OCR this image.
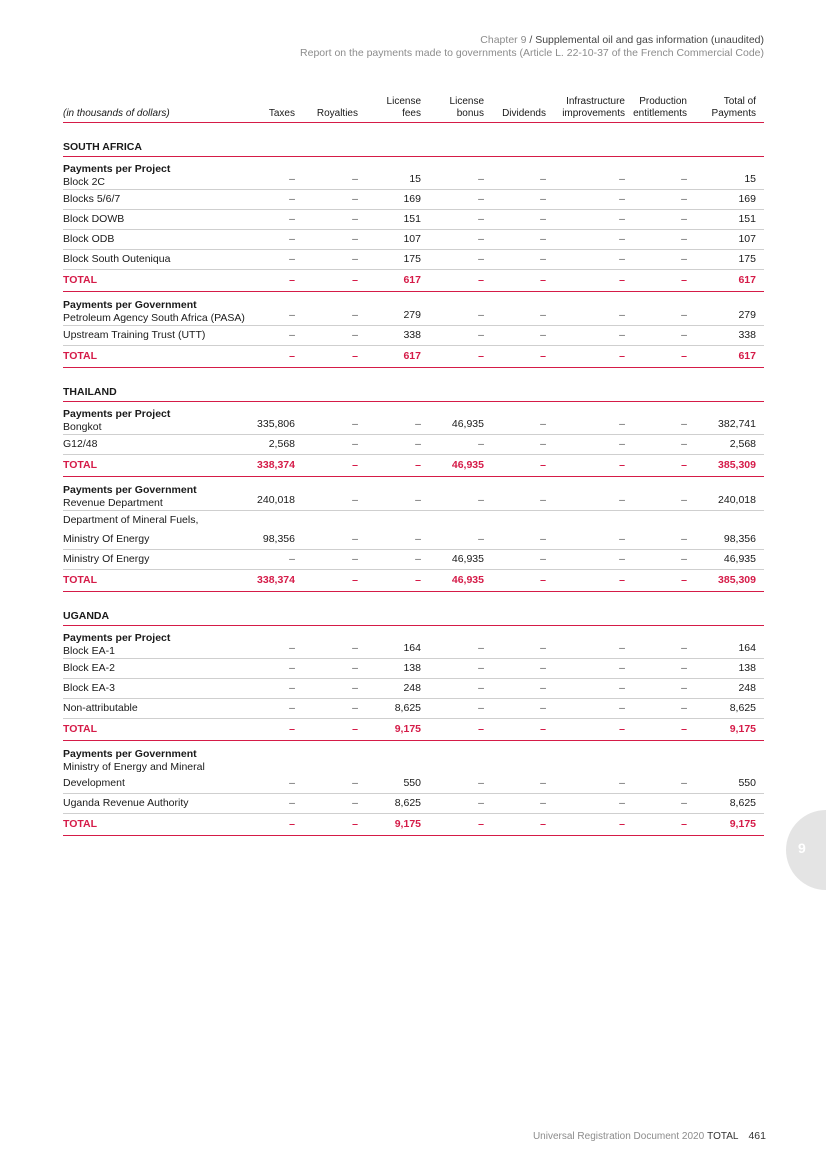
Chapter 9 / Supplemental oil and gas information (unaudited)
Report on the payments made to governments (Article L. 22-10-37 of the French Commercial Code)
(in thousands of dollars)	Taxes	Royalties	License fees	License bonus	Dividends	Infrastructure improvements	Production entitlements	Total of Payments

SOUTH AFRICA								

Payments per Project
Block 2C	–	–	15	–	–	–	–	15
Blocks 5/6/7	–	–	169	–	–	–	–	169
Block DOWB	–	–	151	–	–	–	–	151
Block ODB	–	–	107	–	–	–	–	107
Block South Outeniqua	–	–	175	–	–	–	–	175
TOTAL	–	–	617	–	–	–	–	617

Payments per Government
Petroleum Agency South Africa (PASA)	–	–	279	–	–	–	–	279
Upstream Training Trust (UTT)	–	–	338	–	–	–	–	338
TOTAL	–	–	617	–	–	–	–	617

THAILAND								

Payments per Project
Bongkot	335,806	–	–	46,935	–	–	–	382,741
G12/48	2,568	–	–	–	–	–	–	2,568
TOTAL	338,374	–	–	46,935	–	–	–	385,309

Payments per Government
Revenue Department	240,018	–	–	–	–	–	–	240,018
Department of Mineral Fuels,								
Ministry Of Energy	98,356	–	–	–	–	–	–	98,356
Ministry Of Energy	–	–	–	46,935	–	–	–	46,935
TOTAL	338,374	–	–	46,935	–	–	–	385,309

UGANDA								

Payments per Project
Block EA-1	–	–	164	–	–	–	–	164
Block EA-2	–	–	138	–	–	–	–	138
Block EA-3	–	–	248	–	–	–	–	248
Non-attributable	–	–	8,625	–	–	–	–	8,625
TOTAL	–	–	9,175	–	–	–	–	9,175

Payments per Government
Ministry of Energy and Mineral								
Development	–	–	550	–	–	–	–	550
Uganda Revenue Authority	–	–	8,625	–	–	–	–	8,625
TOTAL	–	–	9,175	–	–	–	–	9,175
9
Universal Registration Document 2020 TOTAL 461
